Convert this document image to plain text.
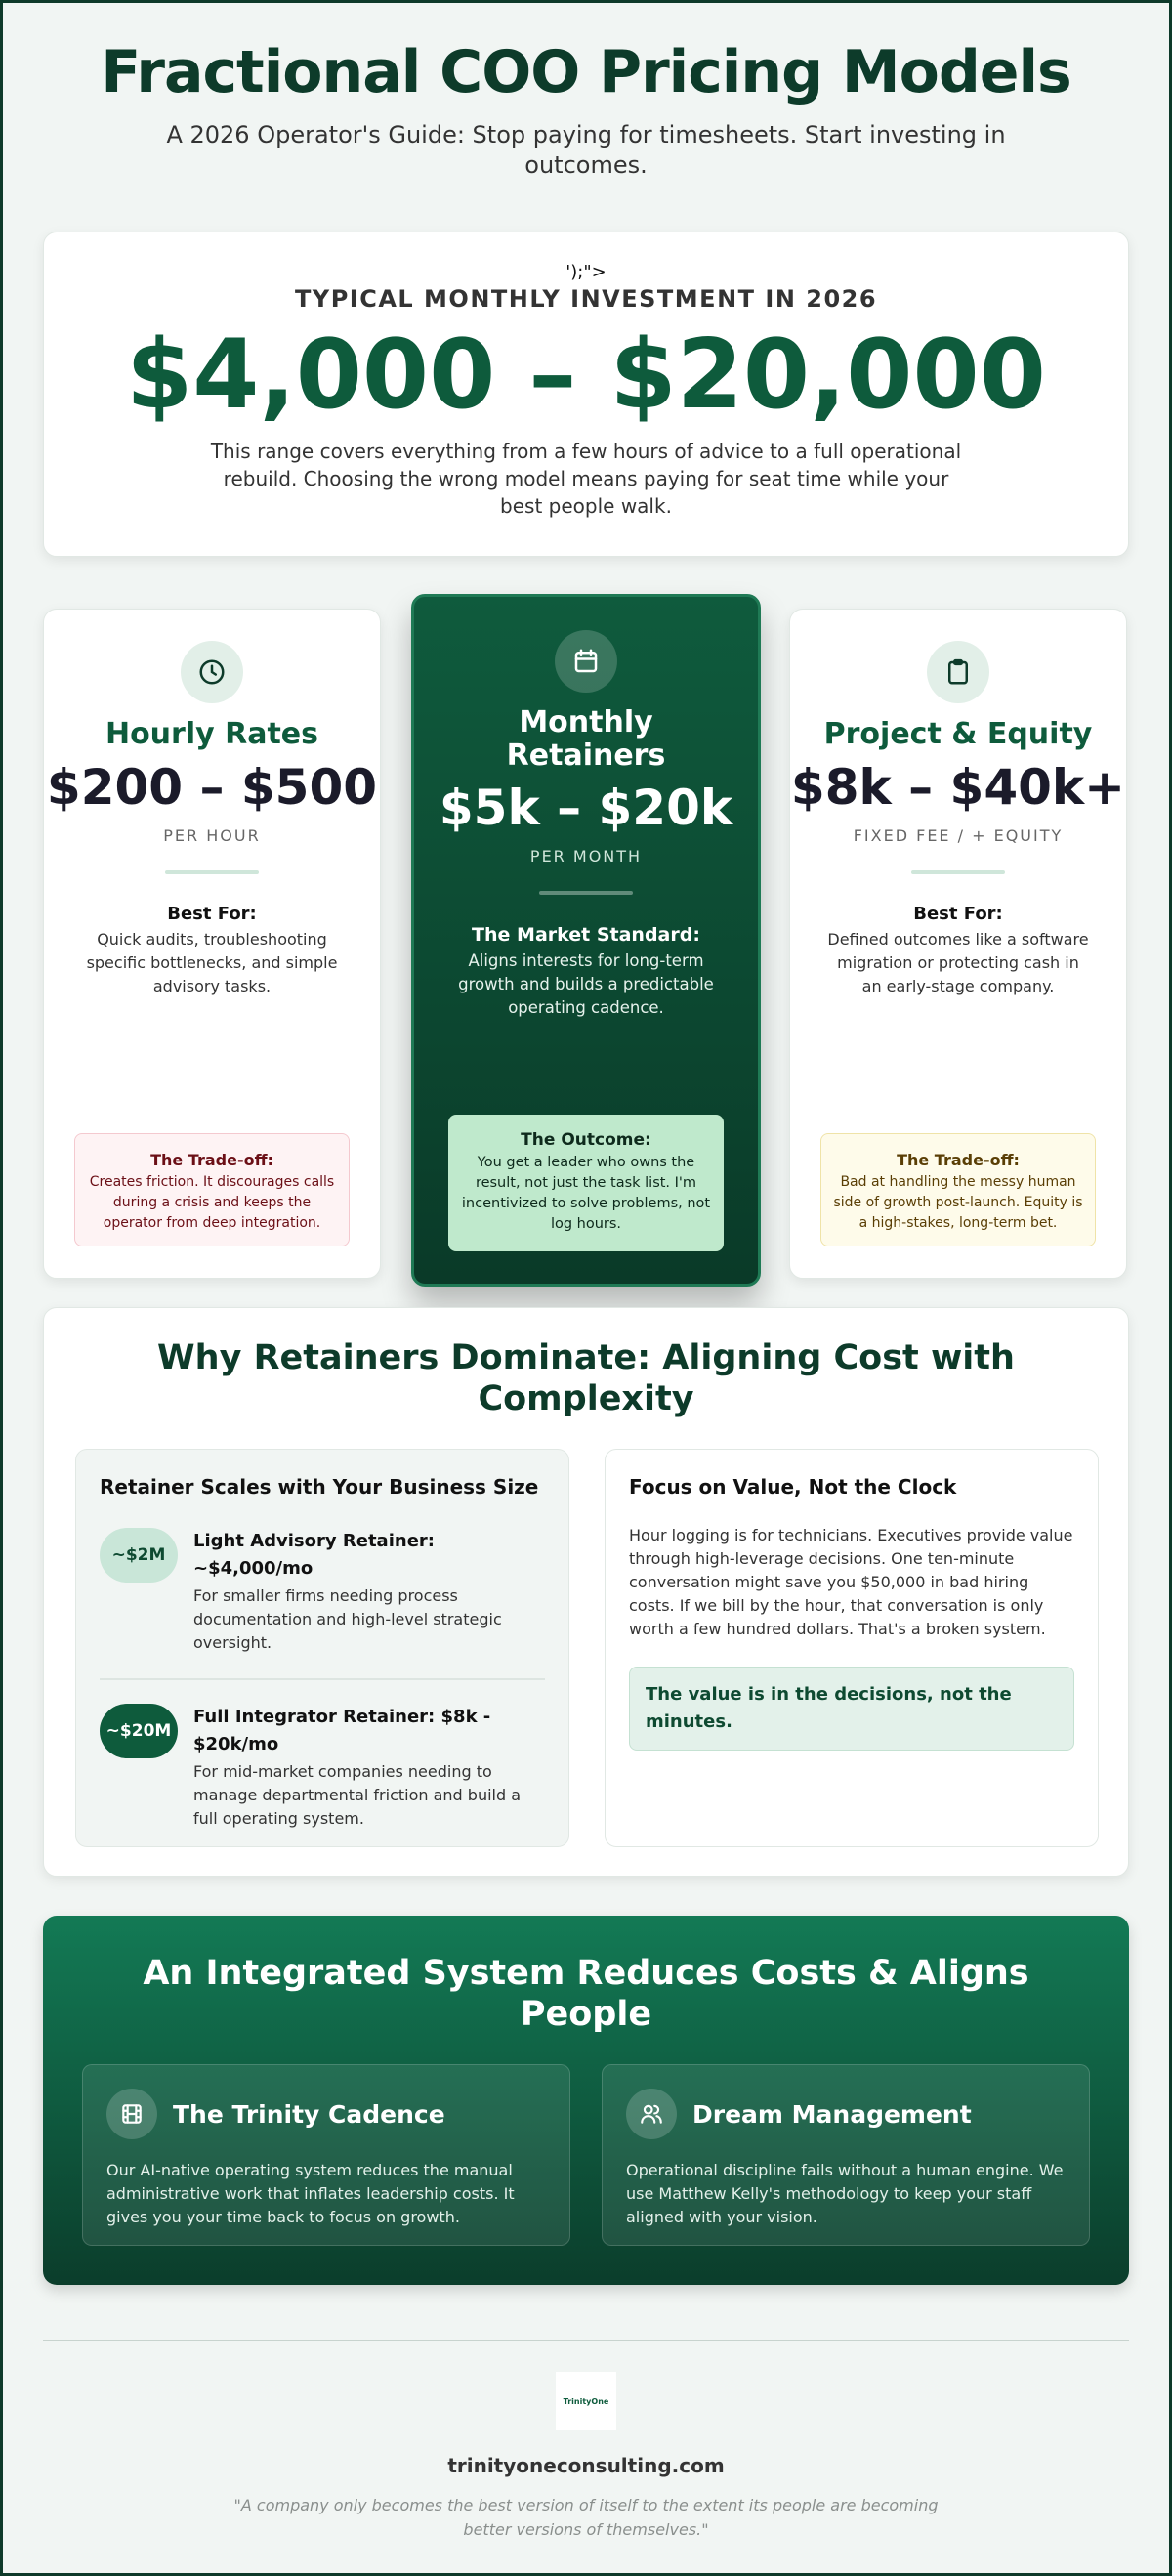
Fractional COO Pricing Models

A 2026 Operator's Guide: Stop paying for timesheets. Start investing in outcomes.

');">
TYPICAL MONTHLY INVESTMENT IN 2026
$4,000 – $20,000

This range covers everything from a few hours of advice to a full operational rebuild. Choosing the wrong model means paying for seat time while your best people walk.

Hourly Rates
$200 – $500
PER HOUR
Best For:

Quick audits, troubleshooting specific bottlenecks, and simple advisory tasks.

The Trade-off:
Creates friction. It discourages calls during a crisis and keeps the operator from deep integration.
Monthly Retainers
$5k – $20k
PER MONTH
The Market Standard:

Aligns interests for long-term growth and builds a predictable operating cadence.

The Outcome:
You get a leader who owns the result, not just the task list. I'm incentivized to solve problems, not log hours.
Project & Equity
$8k – $40k+
FIXED FEE / + EQUITY
Best For:

Defined outcomes like a software migration or protecting cash in an early-stage company.

The Trade-off:
Bad at handling the messy human side of growth post-launch. Equity is a high-stakes, long-term bet.
Why Retainers Dominate: Aligning Cost with Complexity
Retainer Scales with Your Business Size
~$2M
Light Advisory Retainer: ~$4,000/mo
For smaller firms needing process documentation and high-level strategic oversight.
~$20M
Full Integrator Retainer: $8k - $20k/mo
For mid-market companies needing to manage departmental friction and build a full operating system.
Focus on Value, Not the Clock

Hour logging is for technicians. Executives provide value through high-leverage decisions. One ten-minute conversation might save you $50,000 in bad hiring costs. If we bill by the hour, that conversation is only worth a few hundred dollars. That's a broken system.

The value is in the decisions, not the minutes.
An Integrated System Reduces Costs & Aligns People
The Trinity Cadence

Our AI-native operating system reduces the manual administrative work that inflates leadership costs. It gives you your time back to focus on growth.

Dream Management

Operational discipline fails without a human engine. We use Matthew Kelly's methodology to keep your staff aligned with your vision.

TrinityOne
trinityoneconsulting.com

"A company only becomes the best version of itself to the extent its people are becoming better versions of themselves."
